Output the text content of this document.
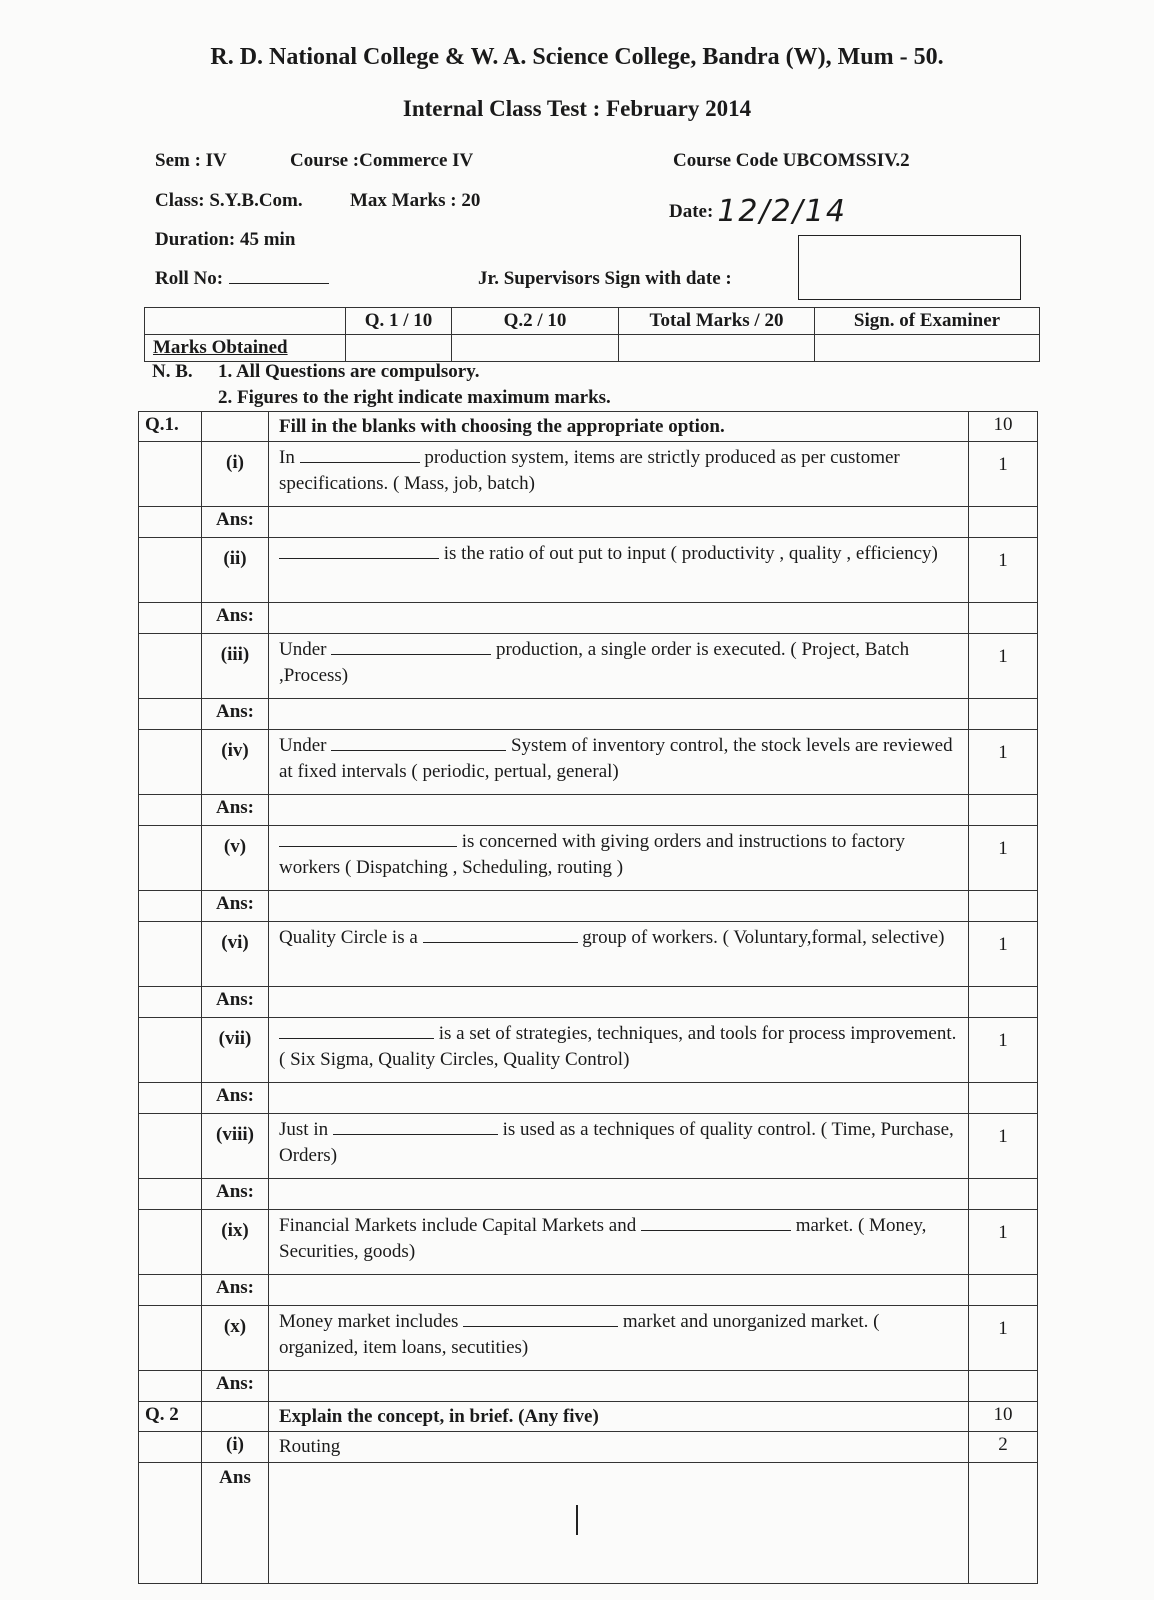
R. D. National College & W. A. Science College, Bandra (W), Mum - 50.
Internal Class Test : February 2014
Sem : IV	Course :Commerce IV	Course Code UBCOMSSIV.2
Class: S.Y.B.Com. Max Marks : 20
Date: 12/2/14
Duration: 45 min
Roll No:	Jr. Supervisors Sign with date :
	Q. 1 / 10	Q.2 / 10	Total Marks / 20	Sign. of Examiner
Marks Obtained				
N. B. 1. All Questions are compulsory.
2. Figures to the right indicate maximum marks.
Q.1.		Fill in the blanks with choosing the appropriate option.	10
	(i)	In production system, items are strictly produced as per customer specifications. ( Mass, job, batch)	1
	Ans:		
	(ii)	is the ratio of out put to input ( productivity , quality , efficiency)	1
	Ans:		
	(iii)	Under production, a single order is executed. ( Project, Batch ,Process)	1
	Ans:		
	(iv)	Under System of inventory control, the stock levels are reviewed at fixed intervals ( periodic, pertual, general)	1
	Ans:		
	(v)	is concerned with giving orders and instructions to factory workers ( Dispatching , Scheduling, routing )	1
	Ans:		
	(vi)	Quality Circle is a group of workers. ( Voluntary,formal, selective)	1
	Ans:		
	(vii)	is a set of strategies, techniques, and tools for process improvement. ( Six Sigma, Quality Circles, Quality Control)	1
	Ans:		
	(viii)	Just in is used as a techniques of quality control. ( Time, Purchase, Orders)	1
	Ans:		
	(ix)	Financial Markets include Capital Markets and market. ( Money, Securities, goods)	1
	Ans:		
	(x)	Money market includes market and unorganized market. ( organized, item loans, secutities)	1
	Ans:		
Q. 2		Explain the concept, in brief. (Any five)	10
	(i)	Routing	2
	Ans		
